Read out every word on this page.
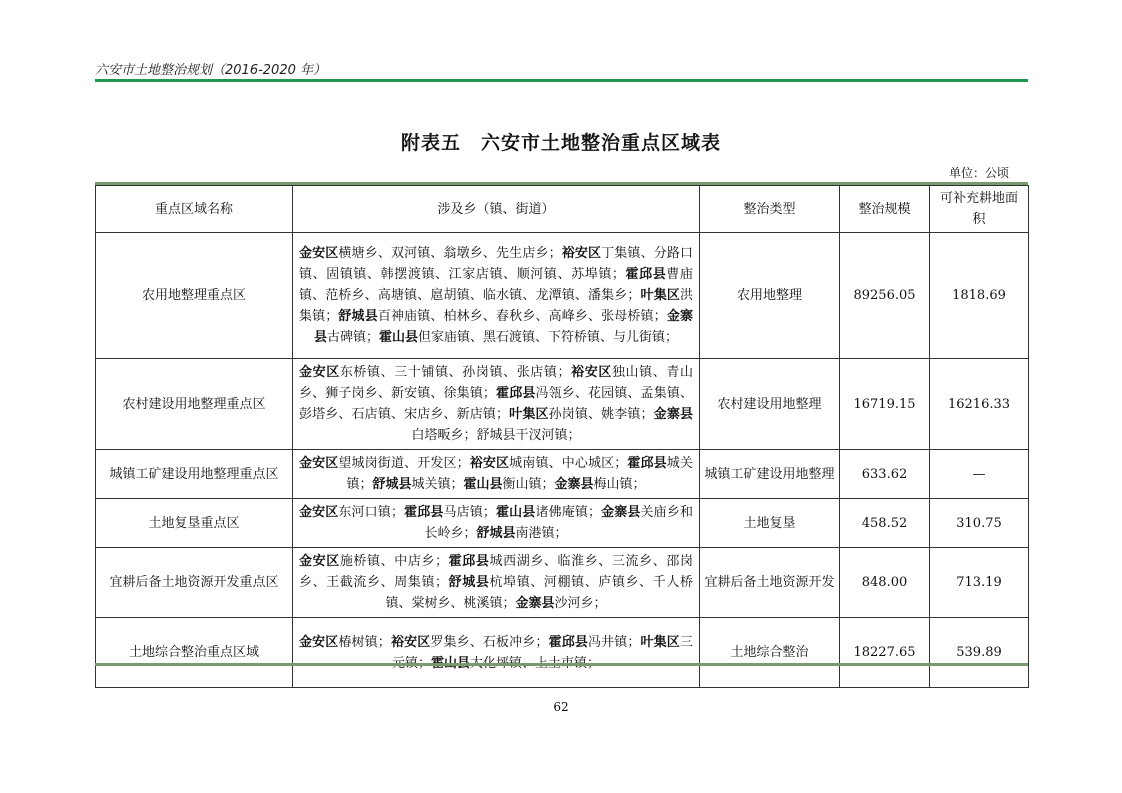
六安市土地整治规划（2016-2020 年）
附表五　六安市土地整治重点区域表
单位：公顷
重点区域名称	涉及乡（镇、街道）	整治类型	整治规模	可补充耕地面积
农用地整理重点区	金安区横塘乡、双河镇、翁墩乡、先生店乡；裕安区丁集镇、分路口镇、固镇镇、韩摆渡镇、江家店镇、顺河镇、苏埠镇；霍邱县曹庙镇、范桥乡、高塘镇、扈胡镇、临水镇、龙潭镇、潘集乡；叶集区洪集镇；舒城县百神庙镇、柏林乡、春秋乡、高峰乡、张母桥镇；金寨县古碑镇；霍山县但家庙镇、黑石渡镇、下符桥镇、与儿街镇；	农用地整理	89256.05	1818.69
农村建设用地整理重点区	金安区东桥镇、三十铺镇、孙岗镇、张店镇；裕安区独山镇、青山乡、狮子岗乡、新安镇、徐集镇；霍邱县冯瓴乡、花园镇、孟集镇、彭塔乡、石店镇、宋店乡、新店镇；叶集区孙岗镇、姚李镇；金寨县白塔畈乡；舒城县干汊河镇；	农村建设用地整理	16719.15	16216.33
城镇工矿建设用地整理重点区	金安区望城岗街道、开发区；裕安区城南镇、中心城区；霍邱县城关镇；舒城县城关镇；霍山县衡山镇；金寨县梅山镇；	城镇工矿建设用地整理	633.62	—
土地复垦重点区	金安区东河口镇；霍邱县马店镇；霍山县诸佛庵镇；金寨县关庙乡和长岭乡；舒城县南港镇；	土地复垦	458.52	310.75
宜耕后备土地资源开发重点区	金安区施桥镇、中店乡；霍邱县城西湖乡、临淮乡、三流乡、邵岗乡、王截流乡、周集镇；舒城县杭埠镇、河棚镇、庐镇乡、千人桥镇、棠树乡、桃溪镇；金寨县沙河乡；	宜耕后备土地资源开发	848.00	713.19
土地综合整治重点区域	金安区椿树镇；裕安区罗集乡、石板冲乡；霍邱县冯井镇；叶集区三	土地综合整治	18227.65	539.89
62
